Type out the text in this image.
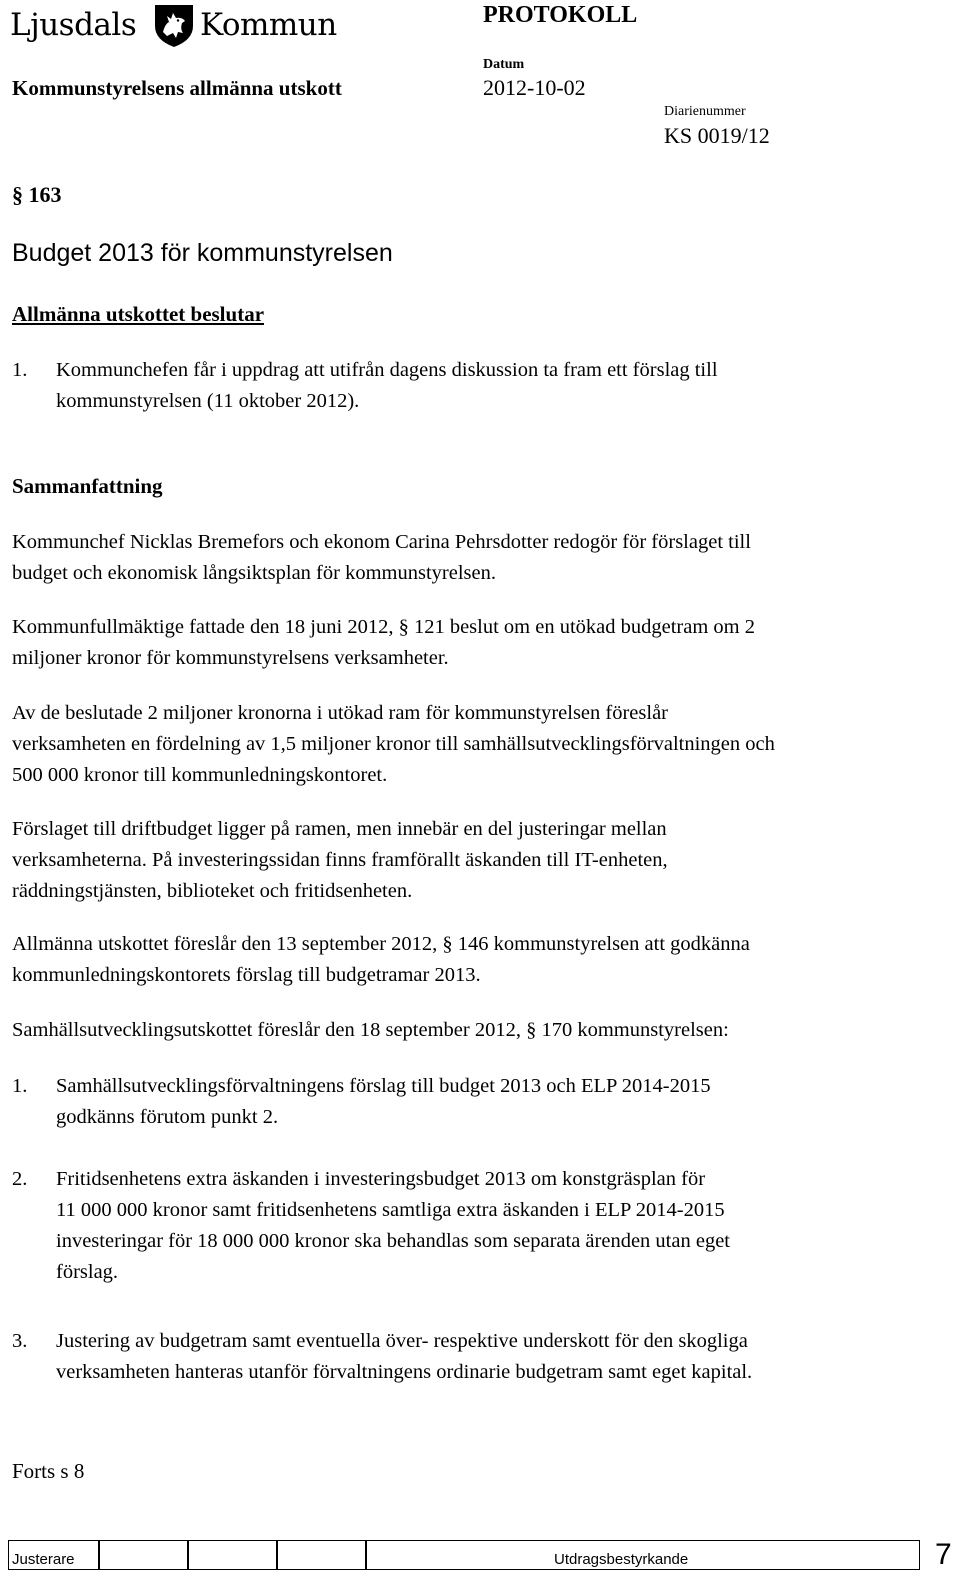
Ljusdals Kommun	PROTOKOLL
Kommunstyrelsens allmänna utskott
Datum
2012-10-02
Diarienummer
KS 0019/12
§ 163
Budget 2013 för kommunstyrelsen
Allmänna utskottet beslutar
1. Kommunchefen får i uppdrag att utifrån dagens diskussion ta fram ett förslag till
kommunstyrelsen (11 oktober 2012).
Sammanfattning
Kommunchef Nicklas Bremefors och ekonom Carina Pehrsdotter redogör för förslaget till
budget och ekonomisk långsiktsplan för kommunstyrelsen.
Kommunfullmäktige fattade den 18 juni 2012, § 121 beslut om en utökad budgetram om 2
miljoner kronor för kommunstyrelsens verksamheter.
Av de beslutade 2 miljoner kronorna i utökad ram för kommunstyrelsen föreslår
verksamheten en fördelning av 1,5 miljoner kronor till samhällsutvecklingsförvaltningen och
500 000 kronor till kommunledningskontoret.
Förslaget till driftbudget ligger på ramen, men innebär en del justeringar mellan
verksamheterna. På investeringssidan finns framförallt äskanden till IT-enheten,
räddningstjänsten, biblioteket och fritidsenheten.
Allmänna utskottet föreslår den 13 september 2012, § 146 kommunstyrelsen att godkänna
kommunledningskontorets förslag till budgetramar 2013.
Samhällsutvecklingsutskottet föreslår den 18 september 2012, § 170 kommunstyrelsen:
1. Samhällsutvecklingsförvaltningens förslag till budget 2013 och ELP 2014-2015
godkänns förutom punkt 2.
2. Fritidsenhetens extra äskanden i investeringsbudget 2013 om konstgräsplan för
11 000 000 kronor samt fritidsenhetens samtliga extra äskanden i ELP 2014-2015
investeringar för 18 000 000 kronor ska behandlas som separata ärenden utan eget
förslag.
3. Justering av budgetram samt eventuella över- respektive underskott för den skogliga
verksamheten hanteras utanför förvaltningens ordinarie budgetram samt eget kapital.
Forts s 8
Justerare	Utdragsbestyrkande	7
